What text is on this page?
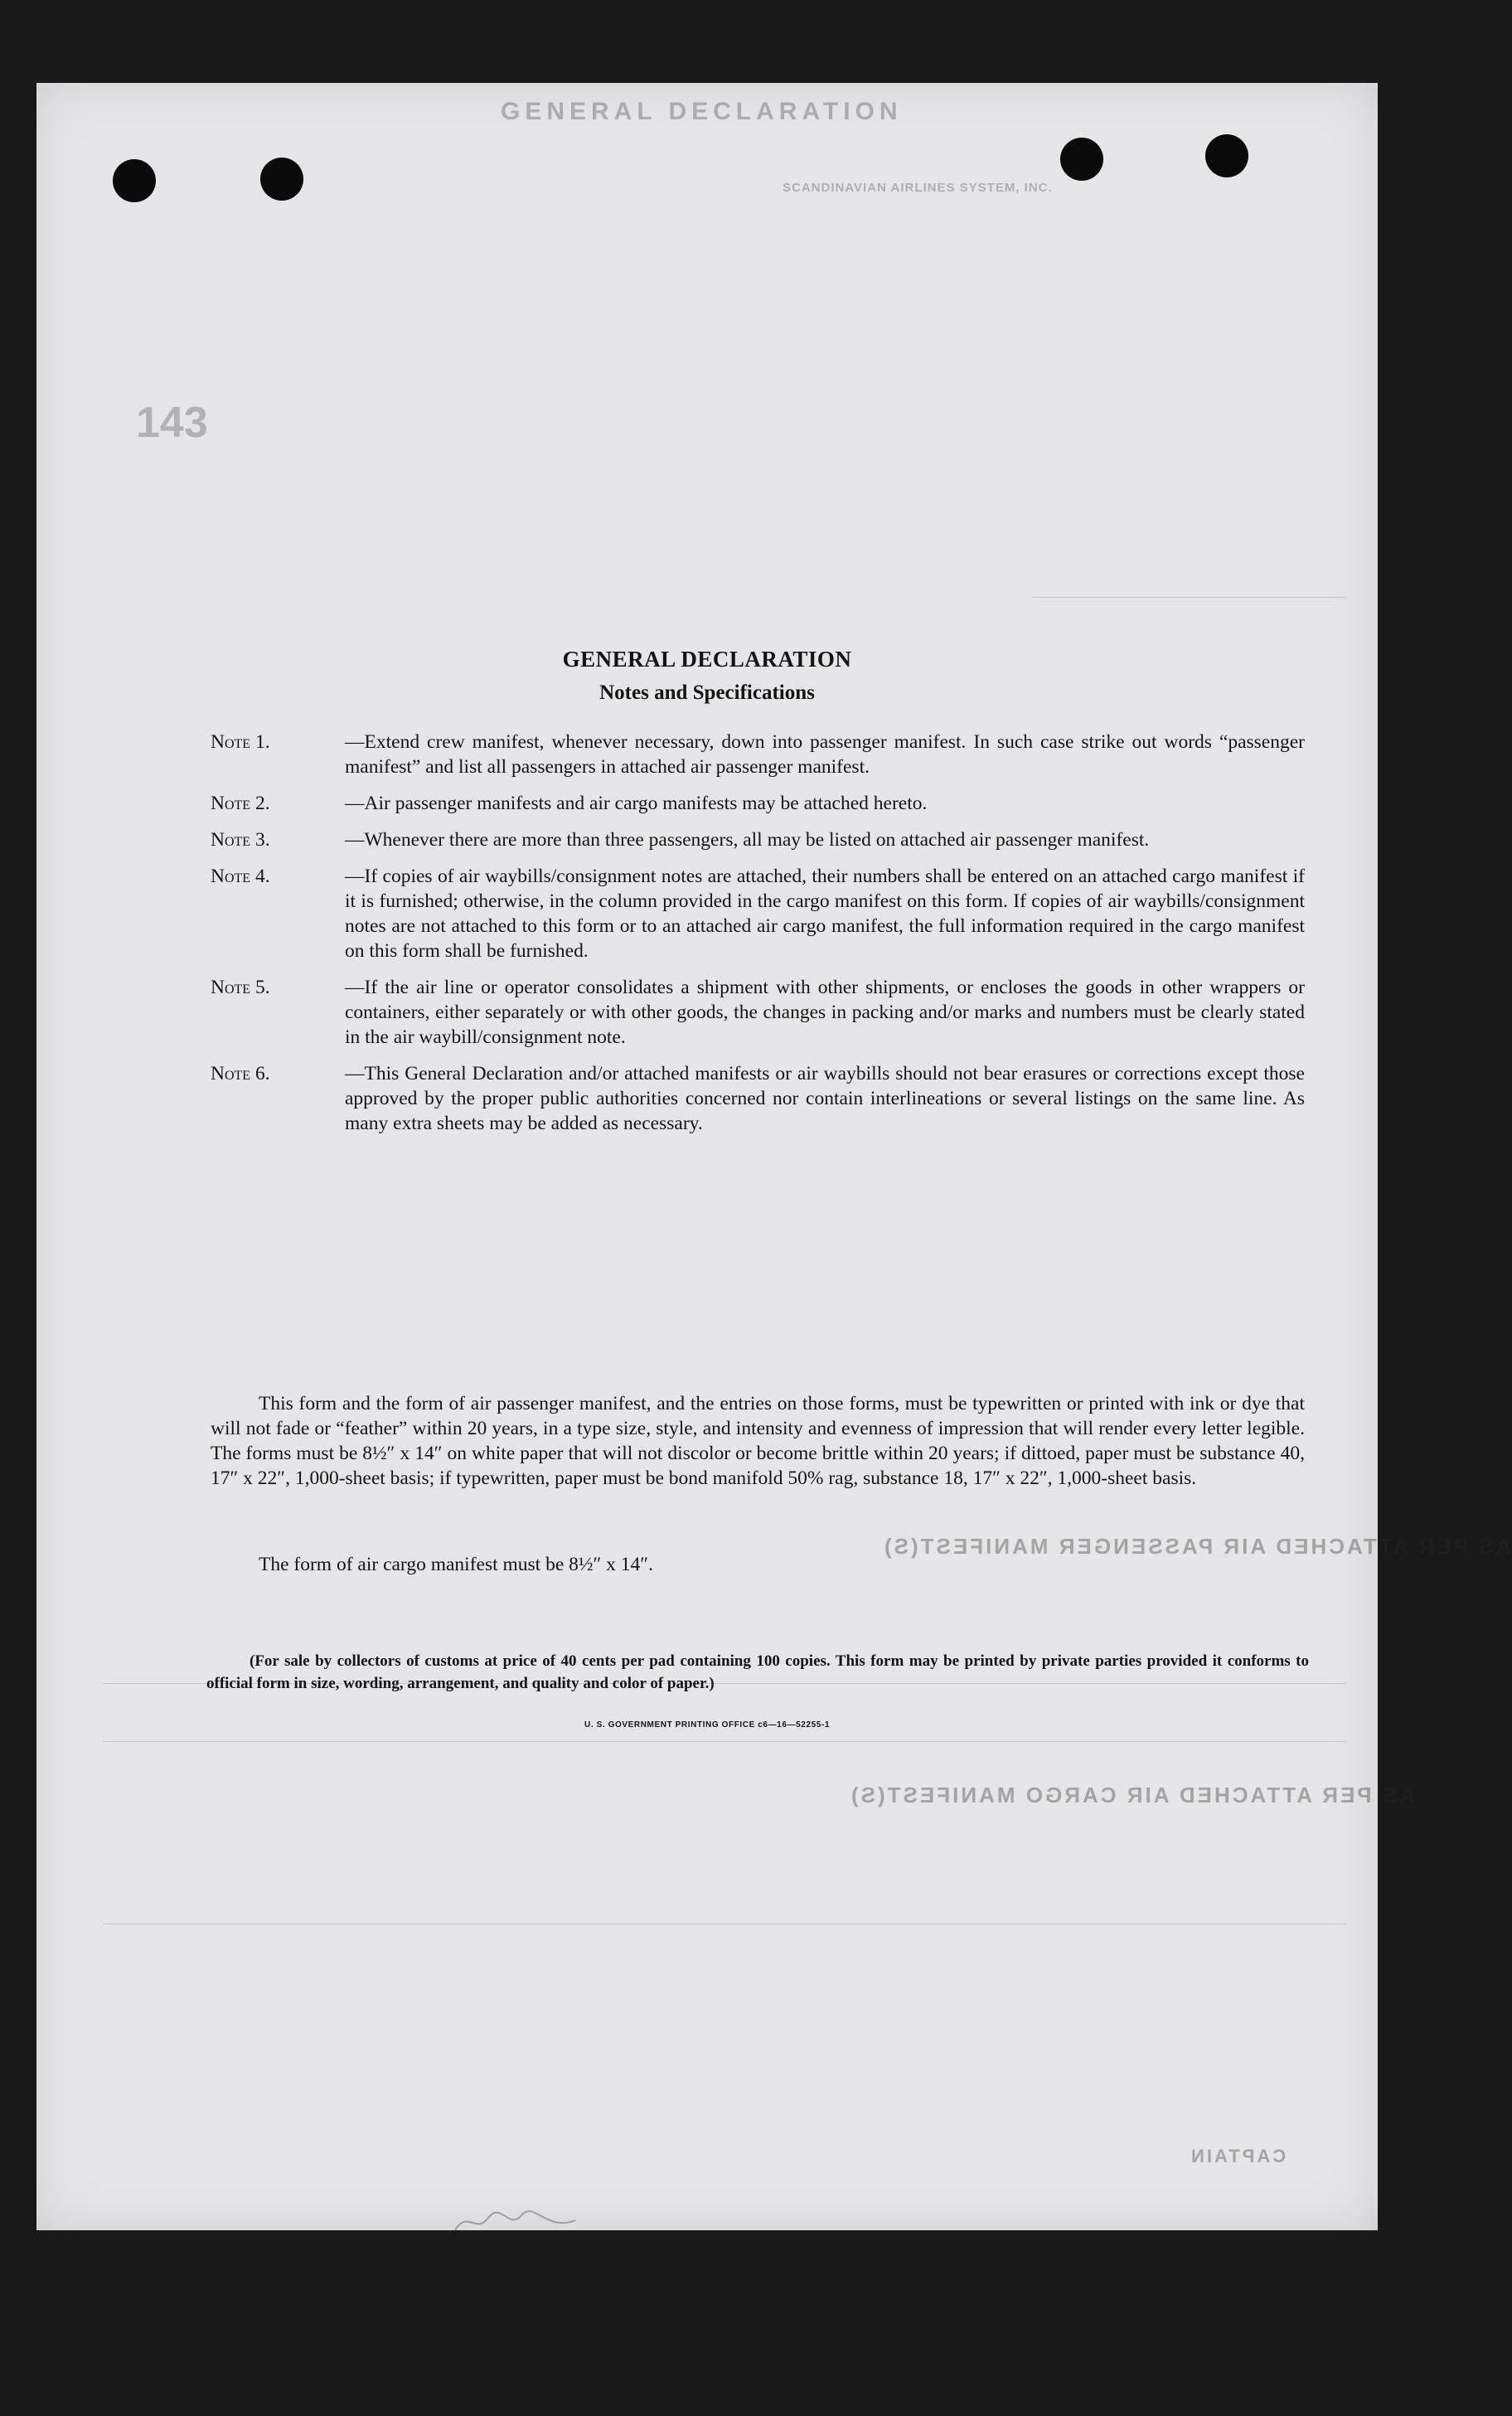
GENERAL DECLARATION
SCANDINAVIAN AIRLINES SYSTEM, INC.
143
AS PER ATTACHED AIR PASSENGER MANIFEST(S)
AS PER ATTACHED AIR CARGO MANIFEST(S)
CAPTAIN
GENERAL DECLARATION
Notes and Specifications
Note 1.	—Extend crew manifest, whenever necessary, down into passenger manifest. In such case strike out words “passenger manifest” and list all passengers in attached air passenger manifest.
Note 2.	—Air passenger manifests and air cargo manifests may be attached hereto.
Note 3.	—Whenever there are more than three passengers, all may be listed on attached air passenger manifest.
Note 4.	—If copies of air waybills/consignment notes are attached, their numbers shall be entered on an attached cargo manifest if it is furnished; otherwise, in the column provided in the cargo manifest on this form. If copies of air waybills/consignment notes are not attached to this form or to an attached air cargo manifest, the full information required in the cargo manifest on this form shall be furnished.
Note 5.	—If the air line or operator consolidates a shipment with other shipments, or encloses the goods in other wrappers or containers, either separately or with other goods, the changes in packing and/or marks and numbers must be clearly stated in the air waybill/consignment note.
Note 6.	—This General Declaration and/or attached manifests or air waybills should not bear erasures or corrections except those approved by the proper public authorities concerned nor contain interlineations or several listings on the same line. As many extra sheets may be added as necessary.
This form and the form of air passenger manifest, and the entries on those forms, must be typewritten or printed with ink or dye that will not fade or “feather” within 20 years, in a type size, style, and intensity and evenness of impression that will render every letter legible. The forms must be 8½″ x 14″ on white paper that will not discolor or become brittle within 20 years; if dittoed, paper must be substance 40, 17″ x 22″, 1,000-sheet basis; if typewritten, paper must be bond manifold 50% rag, substance 18, 17″ x 22″, 1,000-sheet basis.
The form of air cargo manifest must be 8½″ x 14″.
(For sale by collectors of customs at price of 40 cents per pad containing 100 copies. This form may be printed by private parties provided it conforms to official form in size, wording, arrangement, and quality and color of paper.)
U. S. GOVERNMENT PRINTING OFFICE c6—16—52255-1
